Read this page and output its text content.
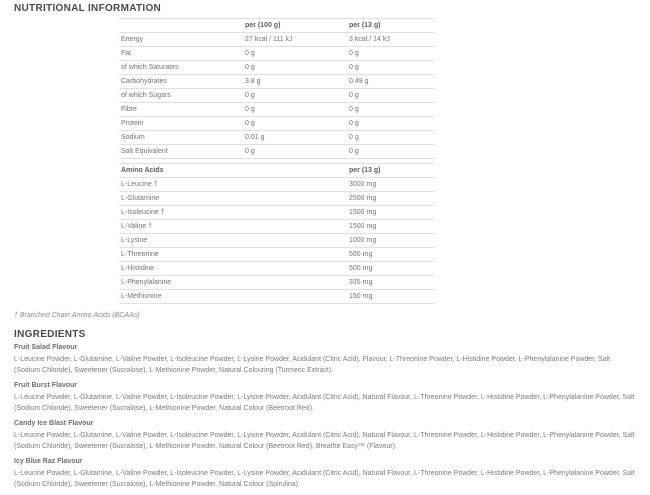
NUTRITIONAL INFORMATION
	per (100 g)	per (13 g)
Energy	27 kcal / 111 kJ	3 kcal / 14 kJ
Fat	0 g	0 g
of which Saturates	0 g	0 g
Carbohydrates	3.8 g	0.49 g
of which Sugars	0 g	0 g
Fibre	0 g	0 g
Protein	0 g	0 g
Sodium	0.01 g	0 g
Salt Equivalent	0 g	0 g
Amino Acids	per (13 g)
L-Leucine †	3000 mg
L-Glutamine	2500 mg
L-Isoleucine †	1500 mg
L-Valine †	1500 mg
L-Lysine	1000 mg
L-Threonine	500 mg
L-Histidine	500 mg
L-Phenylalanine	335 mg
L-Methionine	150 mg

† Branched Chain Amino Acids (BCAAs)

INGREDIENTS

Fruit Salad Flavour

L-Leucine Powder, L-Glutamine, L-Valine Powder, L-Isoleucine Powder, L-Lysine Powder, Acidulant (Citric Acid), Flavour, L-Threonine Powder, L-Histidine Powder, L-Phenylalanine Powder, Salt (Sodium Chloride), Sweetener (Sucralose), L-Methionine Powder, Natural Colouring (Turmeric Extract).

Fruit Burst Flavour

L-Leucine Powder, L-Glutamine, L-Valine Powder, L-Isoleucine Powder, L-Lysine Powder, Acidulant (Citric Acid), Natural Flavour, L-Threonine Powder, L-Histidine Powder, L-Phenylalanine Powder, Salt (Sodium Chloride), Sweetener (Sucralose), L-Methionine Powder, Natural Colour (Beetroot Red).

Candy Ice Blast Flavour

L-Leucine Powder, L-Glutamine, L-Valine Powder, L-Isoleucine Powder, L-Lysine Powder, Acidulant (Citric Acid), Natural Flavour, L-Threonine Powder, L-Histidine Powder, L-Phenylalanine Powder, Salt (Sodium Chloride), Sweetener (Sucralose), L-Methionine Powder, Natural Colour (Beetroot Red), Breathe Easy™ (Flavour).

Icy Blue Raz Flavour

L-Leucine Powder, L-Glutamine, L-Valine Powder, L-Isoleucine Powder, L-Lysine Powder, Acidulant (Citric Acid), Natural Flavour, L-Threonine Powder, L-Histidine Powder, L-Phenylalanine Powder, Salt (Sodium Chloride), Sweetener (Sucralose), L-Methionine Powder, Natural Colour (Spirulina).
